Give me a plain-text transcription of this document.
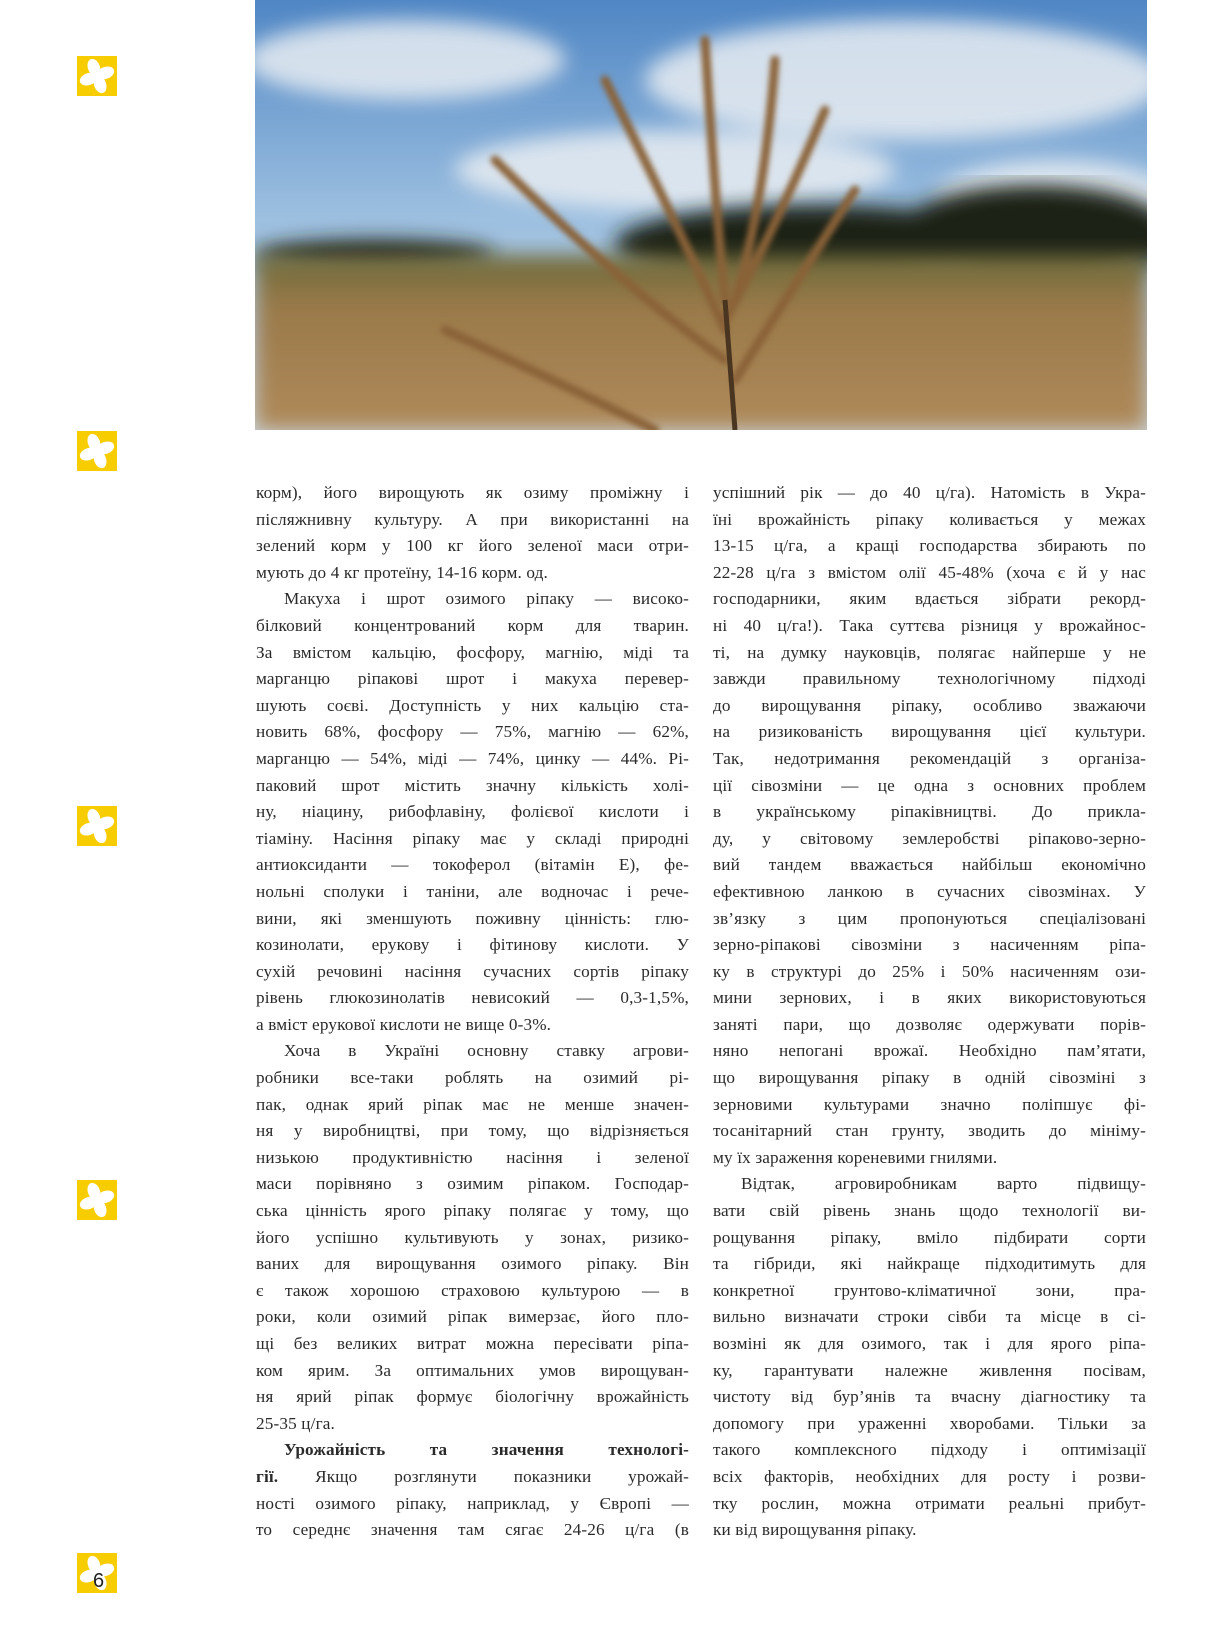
6
корм), його вирощують як озиму проміжну і
післяжнивну культуру. А при використанні на
зелений корм у 100 кг його зеленої маси отри-
мують до 4 кг протеїну, 14-16 корм. од.
Макуха і шрот озимого ріпаку — високо-
білковий концентрований корм для тварин.
За вмістом кальцію, фосфору, магнію, міді та
марганцю ріпакові шрот і макуха перевер-
шують соєві. Доступність у них кальцію ста-
новить 68%, фосфору — 75%, магнію — 62%,
марганцю — 54%, міді — 74%, цинку — 44%. Рі-
паковий шрот містить значну кількість холі-
ну, ніацину, рибофлавіну, фолієвої кислоти і
тіаміну. Насіння ріпаку має у складі природні
антиоксиданти — токоферол (вітамін Е), фе-
нольні сполуки і таніни, але водночас і рече-
вини, які зменшують поживну цінність: глю-
козинолати, ерукову і фітинову кислоти. У
сухій речовині насіння сучасних сортів ріпаку
рівень глюкозинолатів невисокий — 0,3-1,5%,
а вміст ерукової кислоти не вище 0-3%.
Хоча в Україні основну ставку агрови-
робники все-таки роблять на озимий рі-
пак, однак ярий ріпак має не менше значен-
ня у виробництві, при тому, що відрізняється
низькою продуктивністю насіння і зеленої
маси порівняно з озимим ріпаком. Господар-
ська цінність ярого ріпаку полягає у тому, що
його успішно культивують у зонах, ризико-
ваних для вирощування озимого ріпаку. Він
є також хорошою страховою культурою — в
роки, коли озимий ріпак вимерзає, його пло-
щі без великих витрат можна пересівати ріпа-
ком ярим. За оптимальних умов вирощуван-
ня ярий ріпак формує біологічну врожайність
25-35 ц/га.
Урожайність та значення технологі-
гії. Якщо розглянути показники урожай-
ності озимого ріпаку, наприклад, у Європі —
то середнє значення там сягає 24-26 ц/га (в
успішний рік — до 40 ц/га). Натомість в Укра-
їні врожайність ріпаку коливається у межах
13-15 ц/га, а кращі господарства збирають по
22-28 ц/га з вмістом олії 45-48% (хоча є й у нас
господарники, яким вдається зібрати рекорд-
ні 40 ц/га!). Така суттєва різниця у врожайнос-
ті, на думку науковців, полягає найперше у не
завжди правильному технологічному підході
до вирощування ріпаку, особливо зважаючи
на ризикованість вирощування цієї культури.
Так, недотримання рекомендацій з організа-
ції сівозміни — це одна з основних проблем
в українському ріпаківництві. До прикла-
ду, у світовому землеробстві ріпаково-зерно-
вий тандем вважається найбільш економічно
ефективною ланкою в сучасних сівозмінах. У
зв’язку з цим пропонуються спеціалізовані
зерно-ріпакові сівозміни з насиченням ріпа-
ку в структурі до 25% і 50% насиченням ози-
мини зернових, і в яких використовуються
заняті пари, що дозволяє одержувати порів-
няно непогані врожаї. Необхідно пам’ятати,
що вирощування ріпаку в одній сівозміні з
зерновими культурами значно поліпшує фі-
тосанітарний стан грунту, зводить до мініму-
му їх зараження кореневими гнилями.
Відтак, агровиробникам варто підвищу-
вати свій рівень знань щодо технології ви-
рощування ріпаку, вміло підбирати сорти
та гібриди, які найкраще підходитимуть для
конкретної грунтово-кліматичної зони, пра-
вильно визначати строки сівби та місце в сі-
возміні як для озимого, так і для ярого ріпа-
ку, гарантувати належне живлення посівам,
чистоту від бур’янів та вчасну діагностику та
допомогу при ураженні хворобами. Тільки за
такого комплексного підходу і оптимізації
всіх факторів, необхідних для росту і розви-
тку рослин, можна отримати реальні прибут-
ки від вирощування ріпаку.
